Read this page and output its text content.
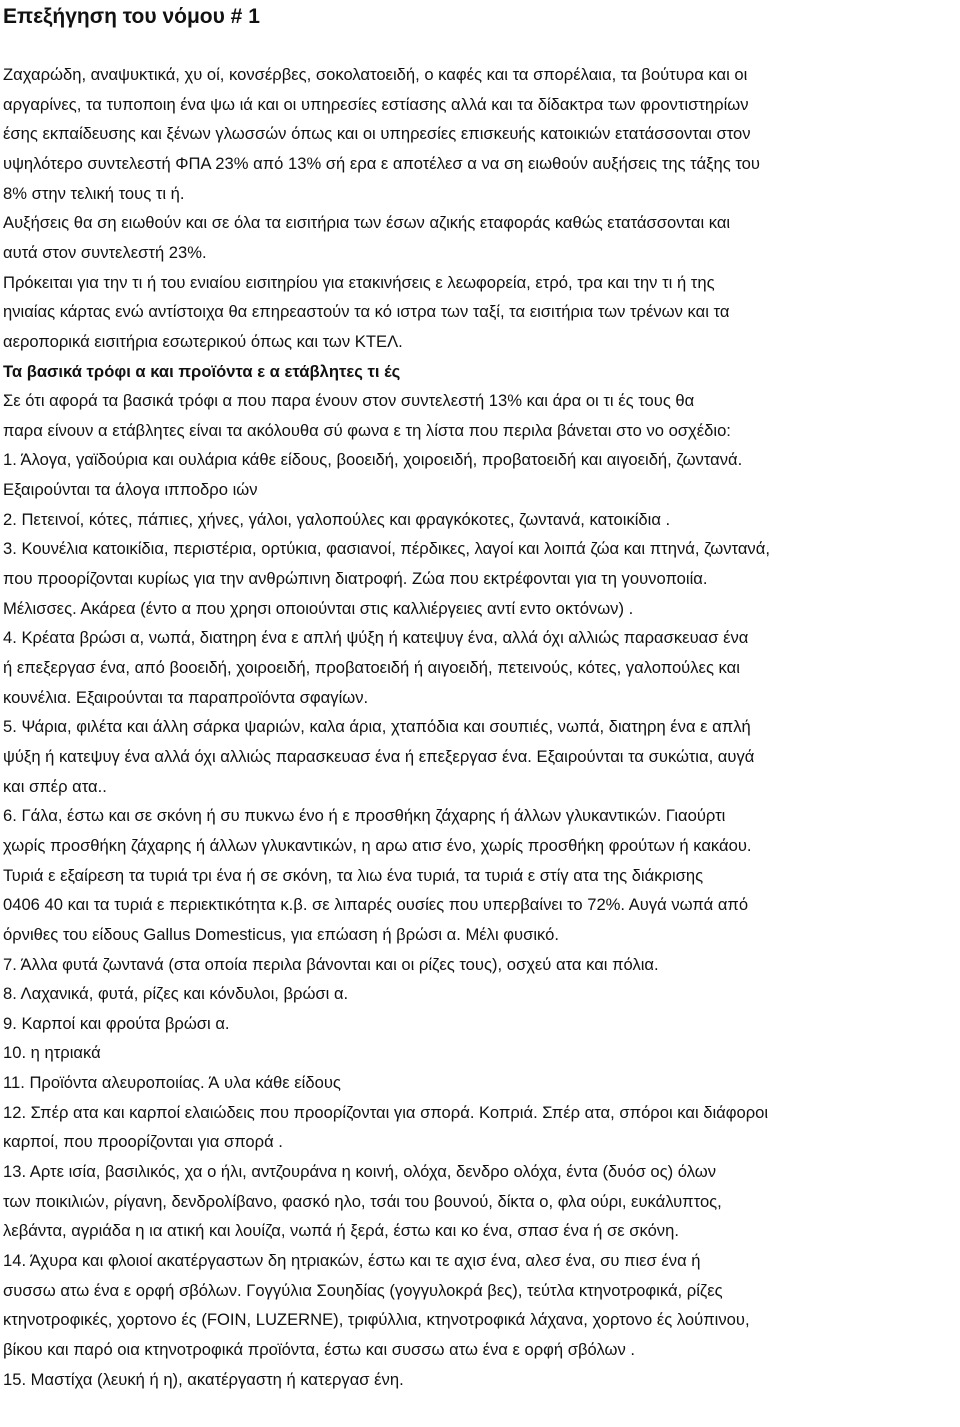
Επεξήγηση του νόμου # 1

Ζαχαρώδη, αναψυκτικά, χυ οί, κονσέρβες, σοκολατοειδή, ο καφές και τα σπορέλαια, τα βούτυρα και οι

αργαρίνες, τα τυποποιη ένα ψω ιά και οι υπηρεσίες εστίασης αλλά και τα δίδακτρα των φροντιστηρίων

έσης εκπαίδευσης και ξένων γλωσσών όπως και οι υπηρεσίες επισκευής κατοικιών ετατάσσονται στον

υψηλότερο συντελεστή ΦΠΑ 23% από 13% σή ερα ε αποτέλεσ α να ση ειωθούν αυξήσεις της τάξης του

8% στην τελική τους τι ή.

Αυξήσεις θα ση ειωθούν και σε όλα τα εισιτήρια των έσων αζικής εταφοράς καθώς ετατάσσονται και

αυτά στον συντελεστή 23%.

Πρόκειται για την τι ή του ενιαίου εισιτηρίου για ετακινήσεις ε λεωφορεία, ετρό, τρα και την τι ή της

ηνιαίας κάρτας ενώ αντίστοιχα θα επηρεαστούν τα κό ιστρα των ταξί, τα εισιτήρια των τρένων και τα

αεροπορικά εισιτήρια εσωτερικού όπως και των ΚΤΕΛ.

Τα βασικά τρόφι α και προϊόντα ε α ετάβλητες τι ές

Σε ότι αφορά τα βασικά τρόφι α που παρα ένουν στον συντελεστή 13% και άρα οι τι ές τους θα

παρα είνουν α ετάβλητες είναι τα ακόλουθα σύ φωνα ε τη λίστα που περιλα βάνεται στο νο οσχέδιο:

1. Άλογα, γαϊδούρια και ουλάρια κάθε είδους, βοοειδή, χοιροειδή, προβατοειδή και αιγοειδή, ζωντανά.

Εξαιρούνται τα άλογα ιπποδρο ιών

2. Πετεινοί, κότες, πάπιες, χήνες, γάλοι, γαλοπούλες και φραγκόκοτες, ζωντανά, κατοικίδια .

3. Κουνέλια κατοικίδια, περιστέρια, ορτύκια, φασιανοί, πέρδικες, λαγοί και λοιπά ζώα και πτηνά, ζωντανά,

που προορίζονται κυρίως για την ανθρώπινη διατροφή. Ζώα που εκτρέφονται για τη γουνοποιία.

Μέλισσες. Ακάρεα (έντο α που χρησι οποιούνται στις καλλιέργειες αντί εντο οκτόνων) .

4. Κρέατα βρώσι α, νωπά, διατηρη ένα ε απλή ψύξη ή κατεψυγ ένα, αλλά όχι αλλιώς παρασκευασ ένα

ή επεξεργασ ένα, από βοοειδή, χοιροειδή, προβατοειδή ή αιγοειδή, πετεινούς, κότες, γαλοπούλες και

κουνέλια. Εξαιρούνται τα παραπροϊόντα σφαγίων.

5. Ψάρια, φιλέτα και άλλη σάρκα ψαριών, καλα άρια, χταπόδια και σουπιές, νωπά, διατηρη ένα ε απλή

ψύξη ή κατεψυγ ένα αλλά όχι αλλιώς παρασκευασ ένα ή επεξεργασ ένα. Εξαιρούνται τα συκώτια, αυγά

και σπέρ ατα..

6. Γάλα, έστω και σε σκόνη ή συ πυκνω ένο ή ε προσθήκη ζάχαρης ή άλλων γλυκαντικών. Γιαούρτι

χωρίς προσθήκη ζάχαρης ή άλλων γλυκαντικών, η αρω ατισ ένο, χωρίς προσθήκη φρούτων ή κακάου.

Τυριά ε εξαίρεση τα τυριά τρι ένα ή σε σκόνη, τα λιω ένα τυριά, τα τυριά ε στίγ ατα της διάκρισης

0406 40 και τα τυριά ε περιεκτικότητα κ.β. σε λιπαρές ουσίες που υπερβαίνει το 72%. Αυγά νωπά από

όρνιθες του είδους Gallus Domesticus, για επώαση ή βρώσι α. Μέλι φυσικό.

7. Άλλα φυτά ζωντανά (στα οποία περιλα βάνονται και οι ρίζες τους), οσχεύ ατα και πόλια.

8. Λαχανικά, φυτά, ρίζες και κόνδυλοι, βρώσι α.

9. Καρποί και φρούτα βρώσι α.

10. η ητριακά

11. Προϊόντα αλευροποιίας. Ά υλα κάθε είδους

12. Σπέρ ατα και καρποί ελαιώδεις που προορίζονται για σπορά. Κοπριά. Σπέρ ατα, σπόροι και διάφοροι

καρποί, που προορίζονται για σπορά .

13. Αρτε ισία, βασιλικός, χα ο ήλι, αντζουράνα η κοινή, ολόχα, δενδρο ολόχα, έντα (δυόσ ος) όλων

των ποικιλιών, ρίγανη, δενδρολίβανο, φασκό ηλο, τσάι του βουνού, δίκτα ο, φλα ούρι, ευκάλυπτος,

λεβάντα, αγριάδα η ια ατική και λουίζα, νωπά ή ξερά, έστω και κο ένα, σπασ ένα ή σε σκόνη.

14. Άχυρα και φλοιοί ακατέργαστων δη ητριακών, έστω και τε αχισ ένα, αλεσ ένα, συ πιεσ ένα ή

συσσω ατω ένα ε ορφή σβόλων. Γογγύλια Σουηδίας (γογγυλοκρά βες), τεύτλα κτηνοτροφικά, ρίζες

κτηνοτροφικές, χορτονο ές (FOIN, LUZERNE), τριφύλλια, κτηνοτροφικά λάχανα, χορτονο ές λούπινου,

βίκου και παρό οια κτηνοτροφικά προϊόντα, έστω και συσσω ατω ένα ε ορφή σβόλων .

15. Μαστίχα (λευκή ή η), ακατέργαστη ή κατεργασ ένη.
